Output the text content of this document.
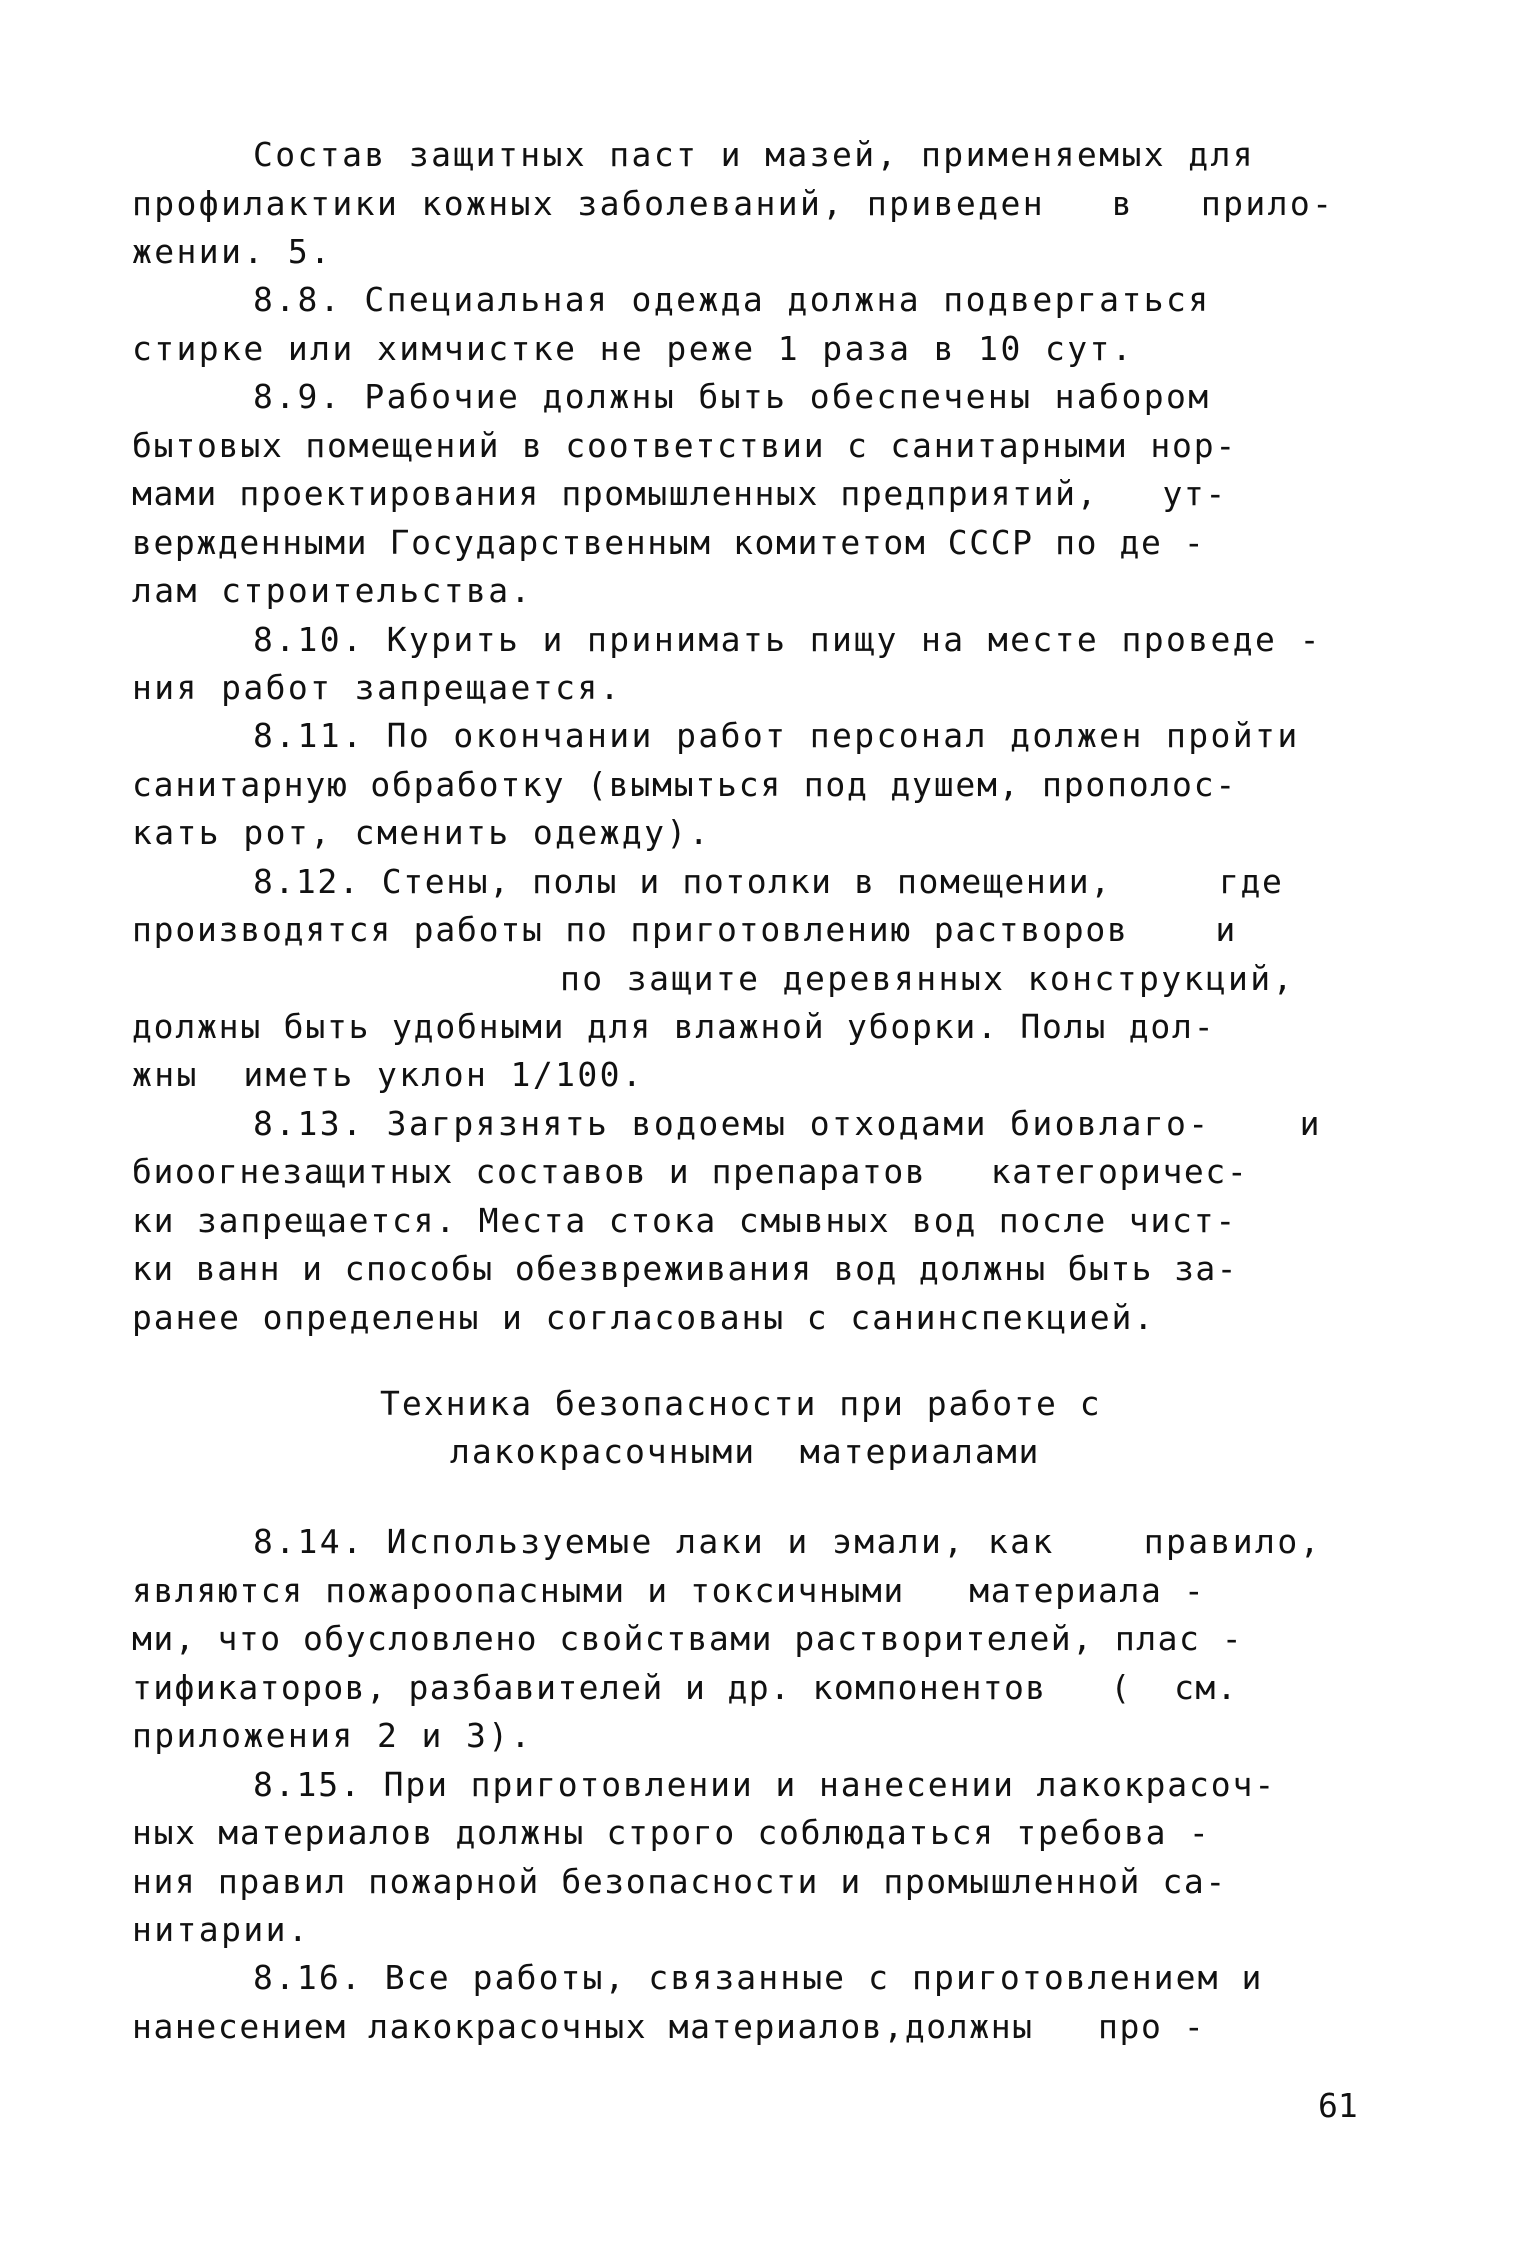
Состав защитных паст и мазей, применяемых для

профилактики кожных заболеваний, приведен   в   прило-

жении. 5.

8.8. Специальная одежда должна подвергаться

стирке или химчистке не реже 1 раза в 10 сут.

8.9. Рабочие должны быть обеспечены набором

бытовых помещений в соответствии с санитарными нор-

мами проектирования промышленных предприятий,   ут-

вержденными Государственным комитетом СССР по де -

лам строительства.

8.10. Курить и принимать пищу на месте проведе -

ния работ запрещается.

8.11. По окончании работ персонал должен пройти

санитарную обработку (вымыться под душем, прополос-

кать рот, сменить одежду).

8.12. Стены, полы и потолки в помещении,     где

производятся работы по приготовлению растворов    и

по защите деревянных конструкций,

должны быть удобными для влажной уборки. Полы дол-

жны  иметь уклон 1/100.

8.13. Загрязнять водоемы отходами биовлаго-    и

биоогнезащитных составов и препаратов   категоричес-

ки запрещается. Места стока смывных вод после чист-

ки ванн и способы обезвреживания вод должны быть за-

ранее определены и согласованы с санинспекцией.

Техника безопасности при работе с

лакокрасочными  материалами

8.14. Используемые лаки и эмали, как    правило,

являются пожароопасными и токсичными   материала -

ми, что обусловлено свойствами растворителей, плас -

тификаторов, разбавителей и др. компонентов   (  см.

приложения 2 и 3).

8.15. При приготовлении и нанесении лакокрасоч-

ных материалов должны строго соблюдаться требова -

ния правил пожарной безопасности и промышленной са-

нитарии.

8.16. Все работы, связанные с приготовлением и

нанесением лакокрасочных материалов,должны   про -

61
